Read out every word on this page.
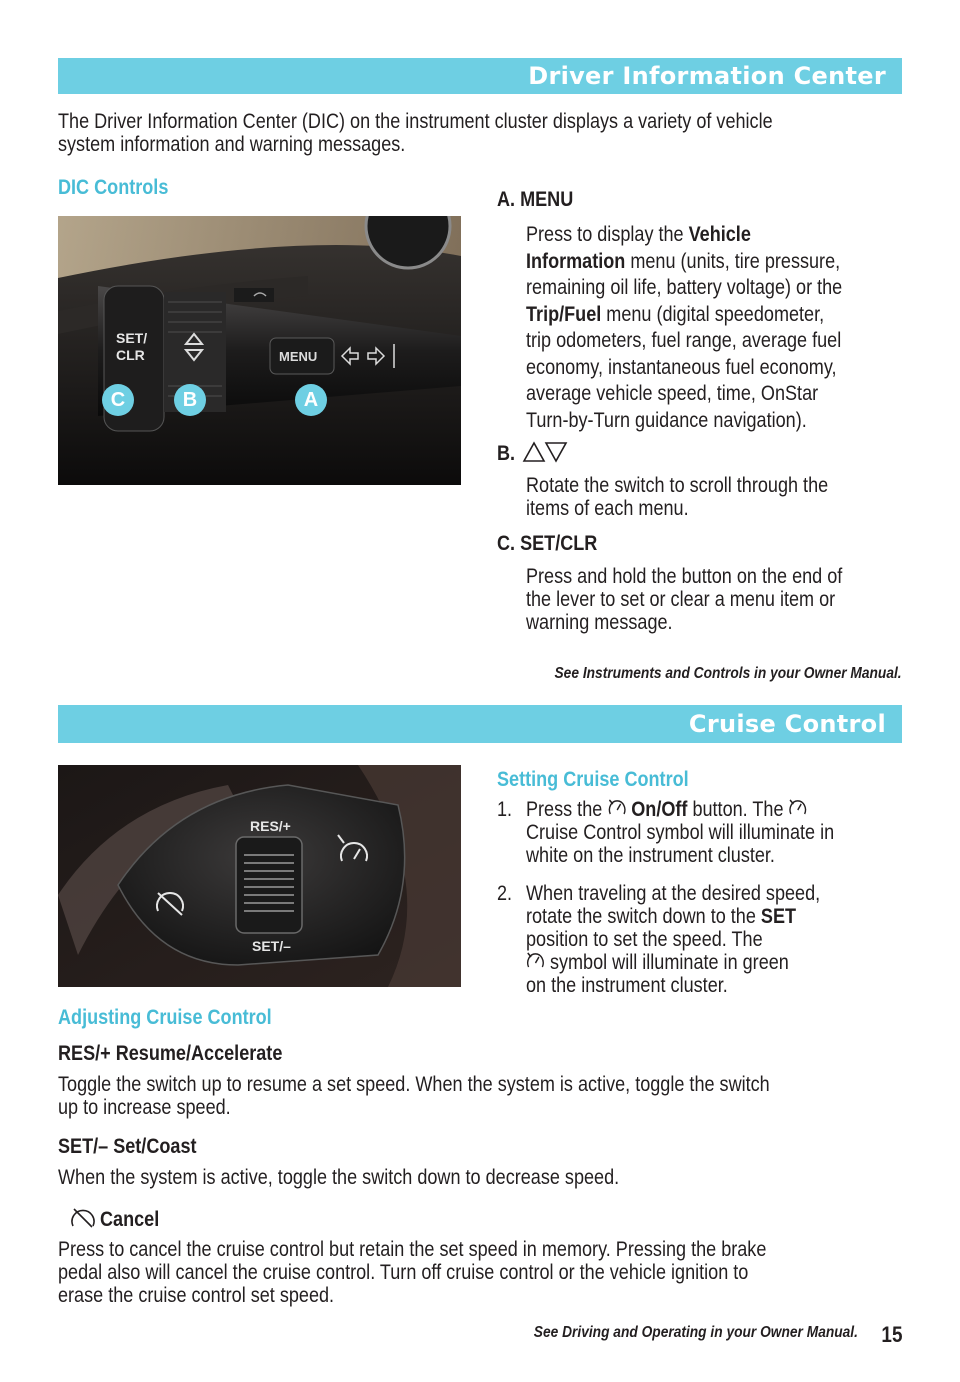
Driver Information Center
The Driver Information Center (DIC) on the instrument cluster displays a variety of vehicle
system information and warning messages.
DIC Controls
SET/
CLR	MENU
C	B	A
A. MENU
Press to display the Vehicle
Information menu (units, tire pressure,
remaining oil life, battery voltage) or the
Trip/Fuel menu (digital speedometer,
trip odometers, fuel range, average fuel
economy, instantaneous fuel economy,
average vehicle speed, time, OnStar
Turn-by-Turn guidance navigation).
B.
Rotate the switch to scroll through the
items of each menu.
C. SET/CLR
Press and hold the button on the end of
the lever to set or clear a menu item or
warning message.
See Instruments and Controls in your Owner Manual.
Cruise Control
RES/+
SET/–
Setting Cruise Control
1. Press the  On/Off button. The
Cruise Control symbol will illuminate in
white on the instrument cluster.
2. When traveling at the desired speed,
rotate the switch down to the SET
position to set the speed. The
symbol will illuminate in green
on the instrument cluster.
Adjusting Cruise Control
RES/+ Resume/Accelerate
Toggle the switch up to resume a set speed. When the system is active, toggle the switch
up to increase speed.
SET/– Set/Coast
When the system is active, toggle the switch down to decrease speed.
Cancel
Press to cancel the cruise control but retain the set speed in memory. Pressing the brake
pedal also will cancel the cruise control. Turn off cruise control or the vehicle ignition to
erase the cruise control set speed.
See Driving and Operating in your Owner Manual. 15
